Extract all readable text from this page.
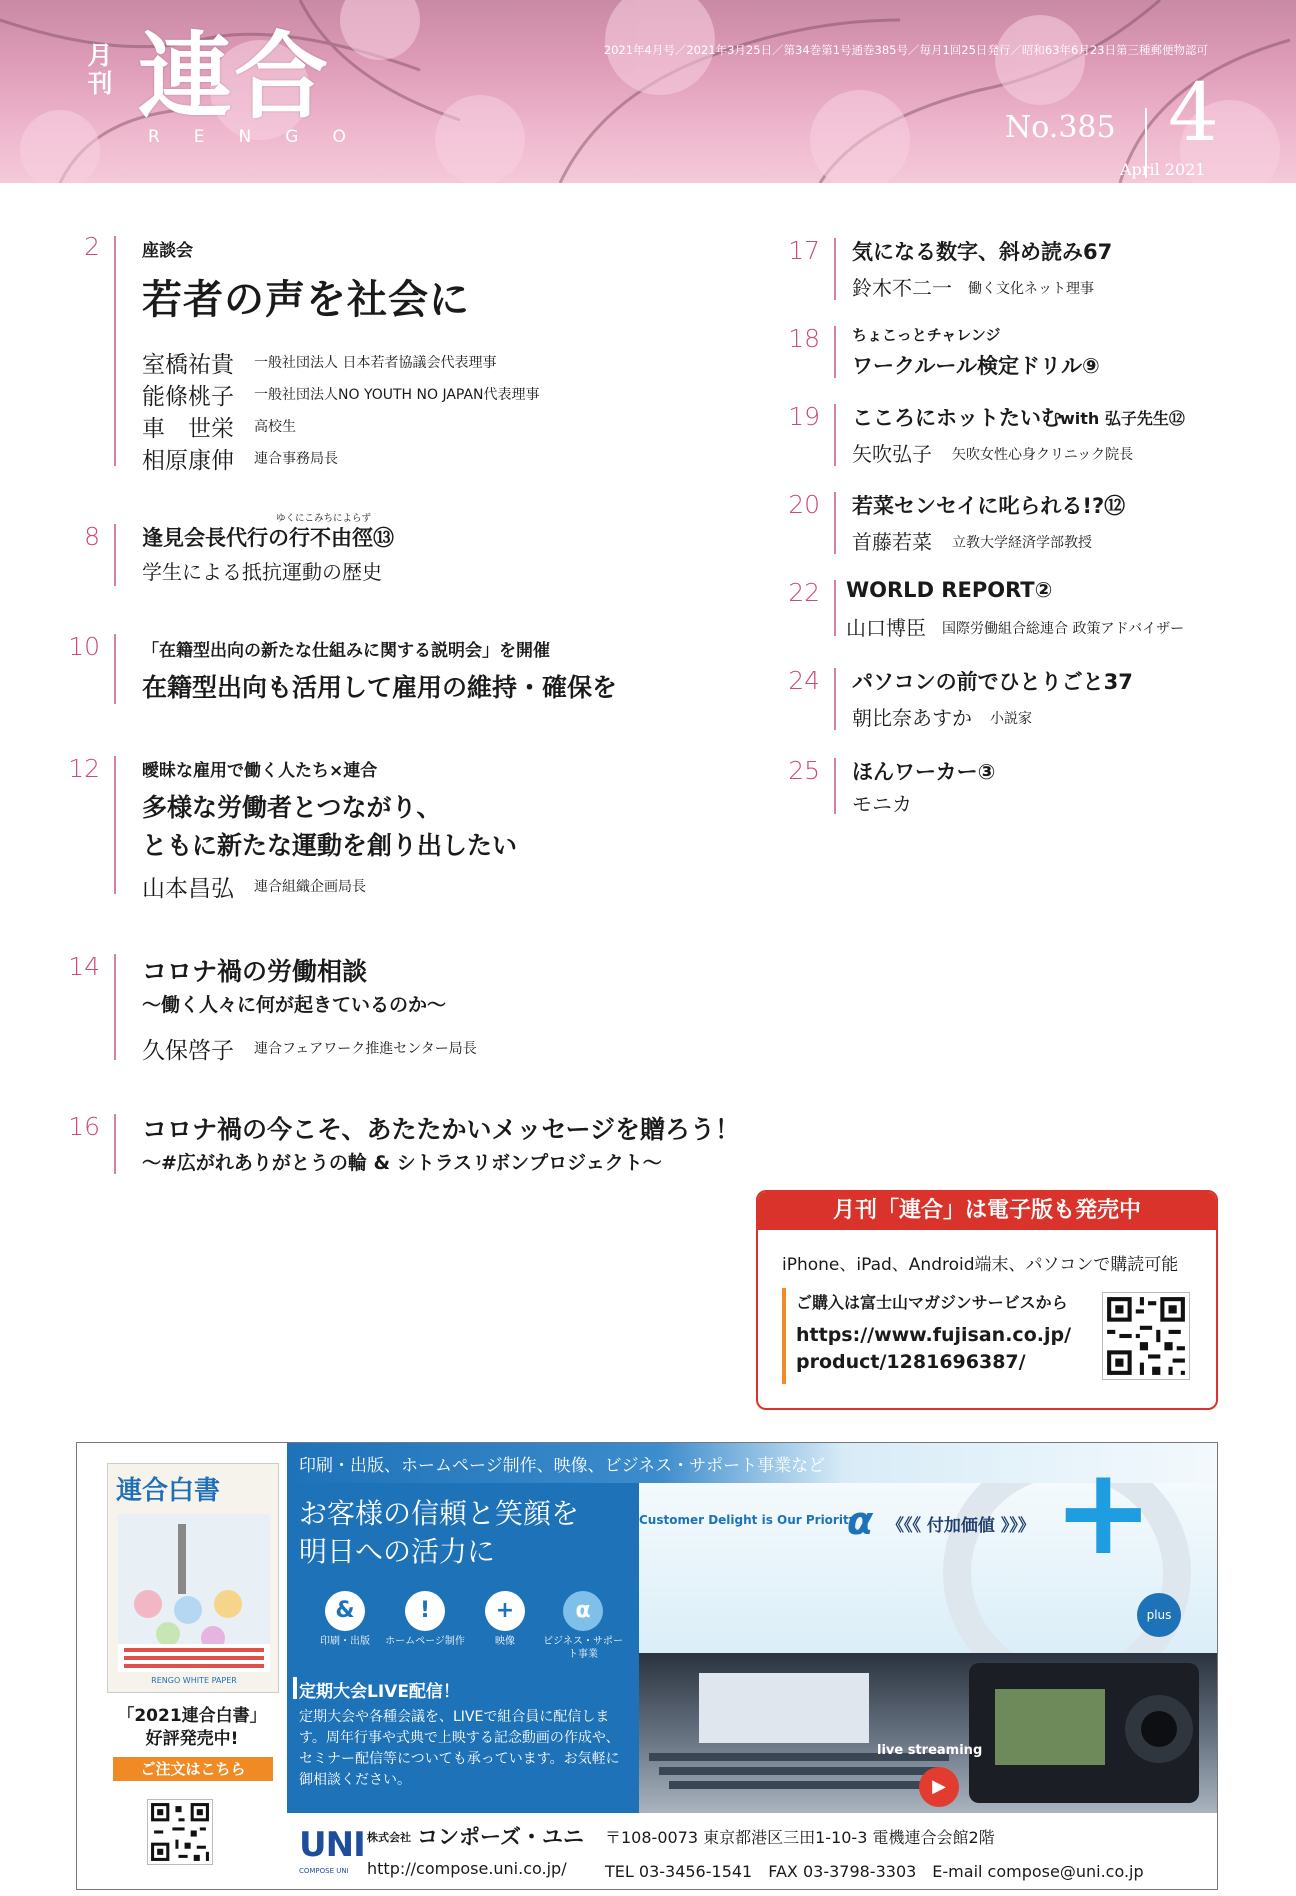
月刊 連合
RENGO
2021年4月号／2021年3月25日／第34巻第1号通巻385号／毎月1回25日発行／昭和63年6月23日第三種郵便物認可
No.385 4
April 2021
2 座談会
若者の声を社会に
室橋祐貴 一般社団法人 日本若者協議会代表理事
能條桃子 一般社団法人NO YOUTH NO JAPAN代表理事
車　世栄 高校生
相原康伸 連合事務局長
8
ゆくにこみちによらず
逢見会長代行の行不由徑⑬
学生による抵抗運動の歴史
10 「在籍型出向の新たな仕組みに関する説明会」を開催
在籍型出向も活用して雇用の維持・確保を
12 曖昧な雇用で働く人たち×連合
多様な労働者とつながり、
ともに新たな運動を創り出したい
山本昌弘 連合組織企画局長
14 コロナ禍の労働相談
～働く人々に何が起きているのか～
久保啓子 連合フェアワーク推進センター局長
16 コロナ禍の今こそ、あたたかいメッセージを贈ろう！
～#広がれありがとうの輪 & シトラスリボンプロジェクト～
17 気になる数字、斜め読み67
鈴木不二一 働く文化ネット理事
18 ちょこっとチャレンジ
ワークルール検定ドリル⑨
19 こころにホットたいむ
with 弘子先生⑫
矢吹弘子 矢吹女性心身クリニック院長
20 若菜センセイに叱られる!?⑫
首藤若菜 立教大学経済学部教授
22 WORLD REPORT②
山口博臣 国際労働組合総連合 政策アドバイザー
24 パソコンの前でひとりごと37
朝比奈あすか 小説家
25 ほんワーカー③
モニカ
月刊「連合」は電子版も発売中
iPhone、iPad、Android端末、パソコンで購読可能
ご購入は富士山マガジンサービスから
https://www.fujisan.co.jp/
product/1281696387/
連合白書
RENGO WHITE PAPER
「2021連合白書」
好評発売中!
ご注文はこちら
印刷・出版、ホームページ制作、映像、ビジネス・サポート事業など
お客様の信頼と笑顔を
明日への活力に
Customer Delight is Our Priority
α 《《《 付加価値 》》》 +
plus
&
印刷・出版
!
ホームページ制作
+
映像
α
ビジネス・サポート事業
定期大会LIVE配信！
定期大会や各種会議を、LIVEで組合員に配信します。周年行事や式典で上映する記念動画の作成や、セミナー配信等についても承っています。お気軽に御相談ください。
live streaming
▶
UNI
COMPOSE UNI
株式会社 コンポーズ・ユニ
http://compose.uni.co.jp/
〒108-0073 東京都港区三田1-10-3 電機連合会館2階
TEL 03-3456-1541　FAX 03-3798-3303　E-mail compose@uni.co.jp
